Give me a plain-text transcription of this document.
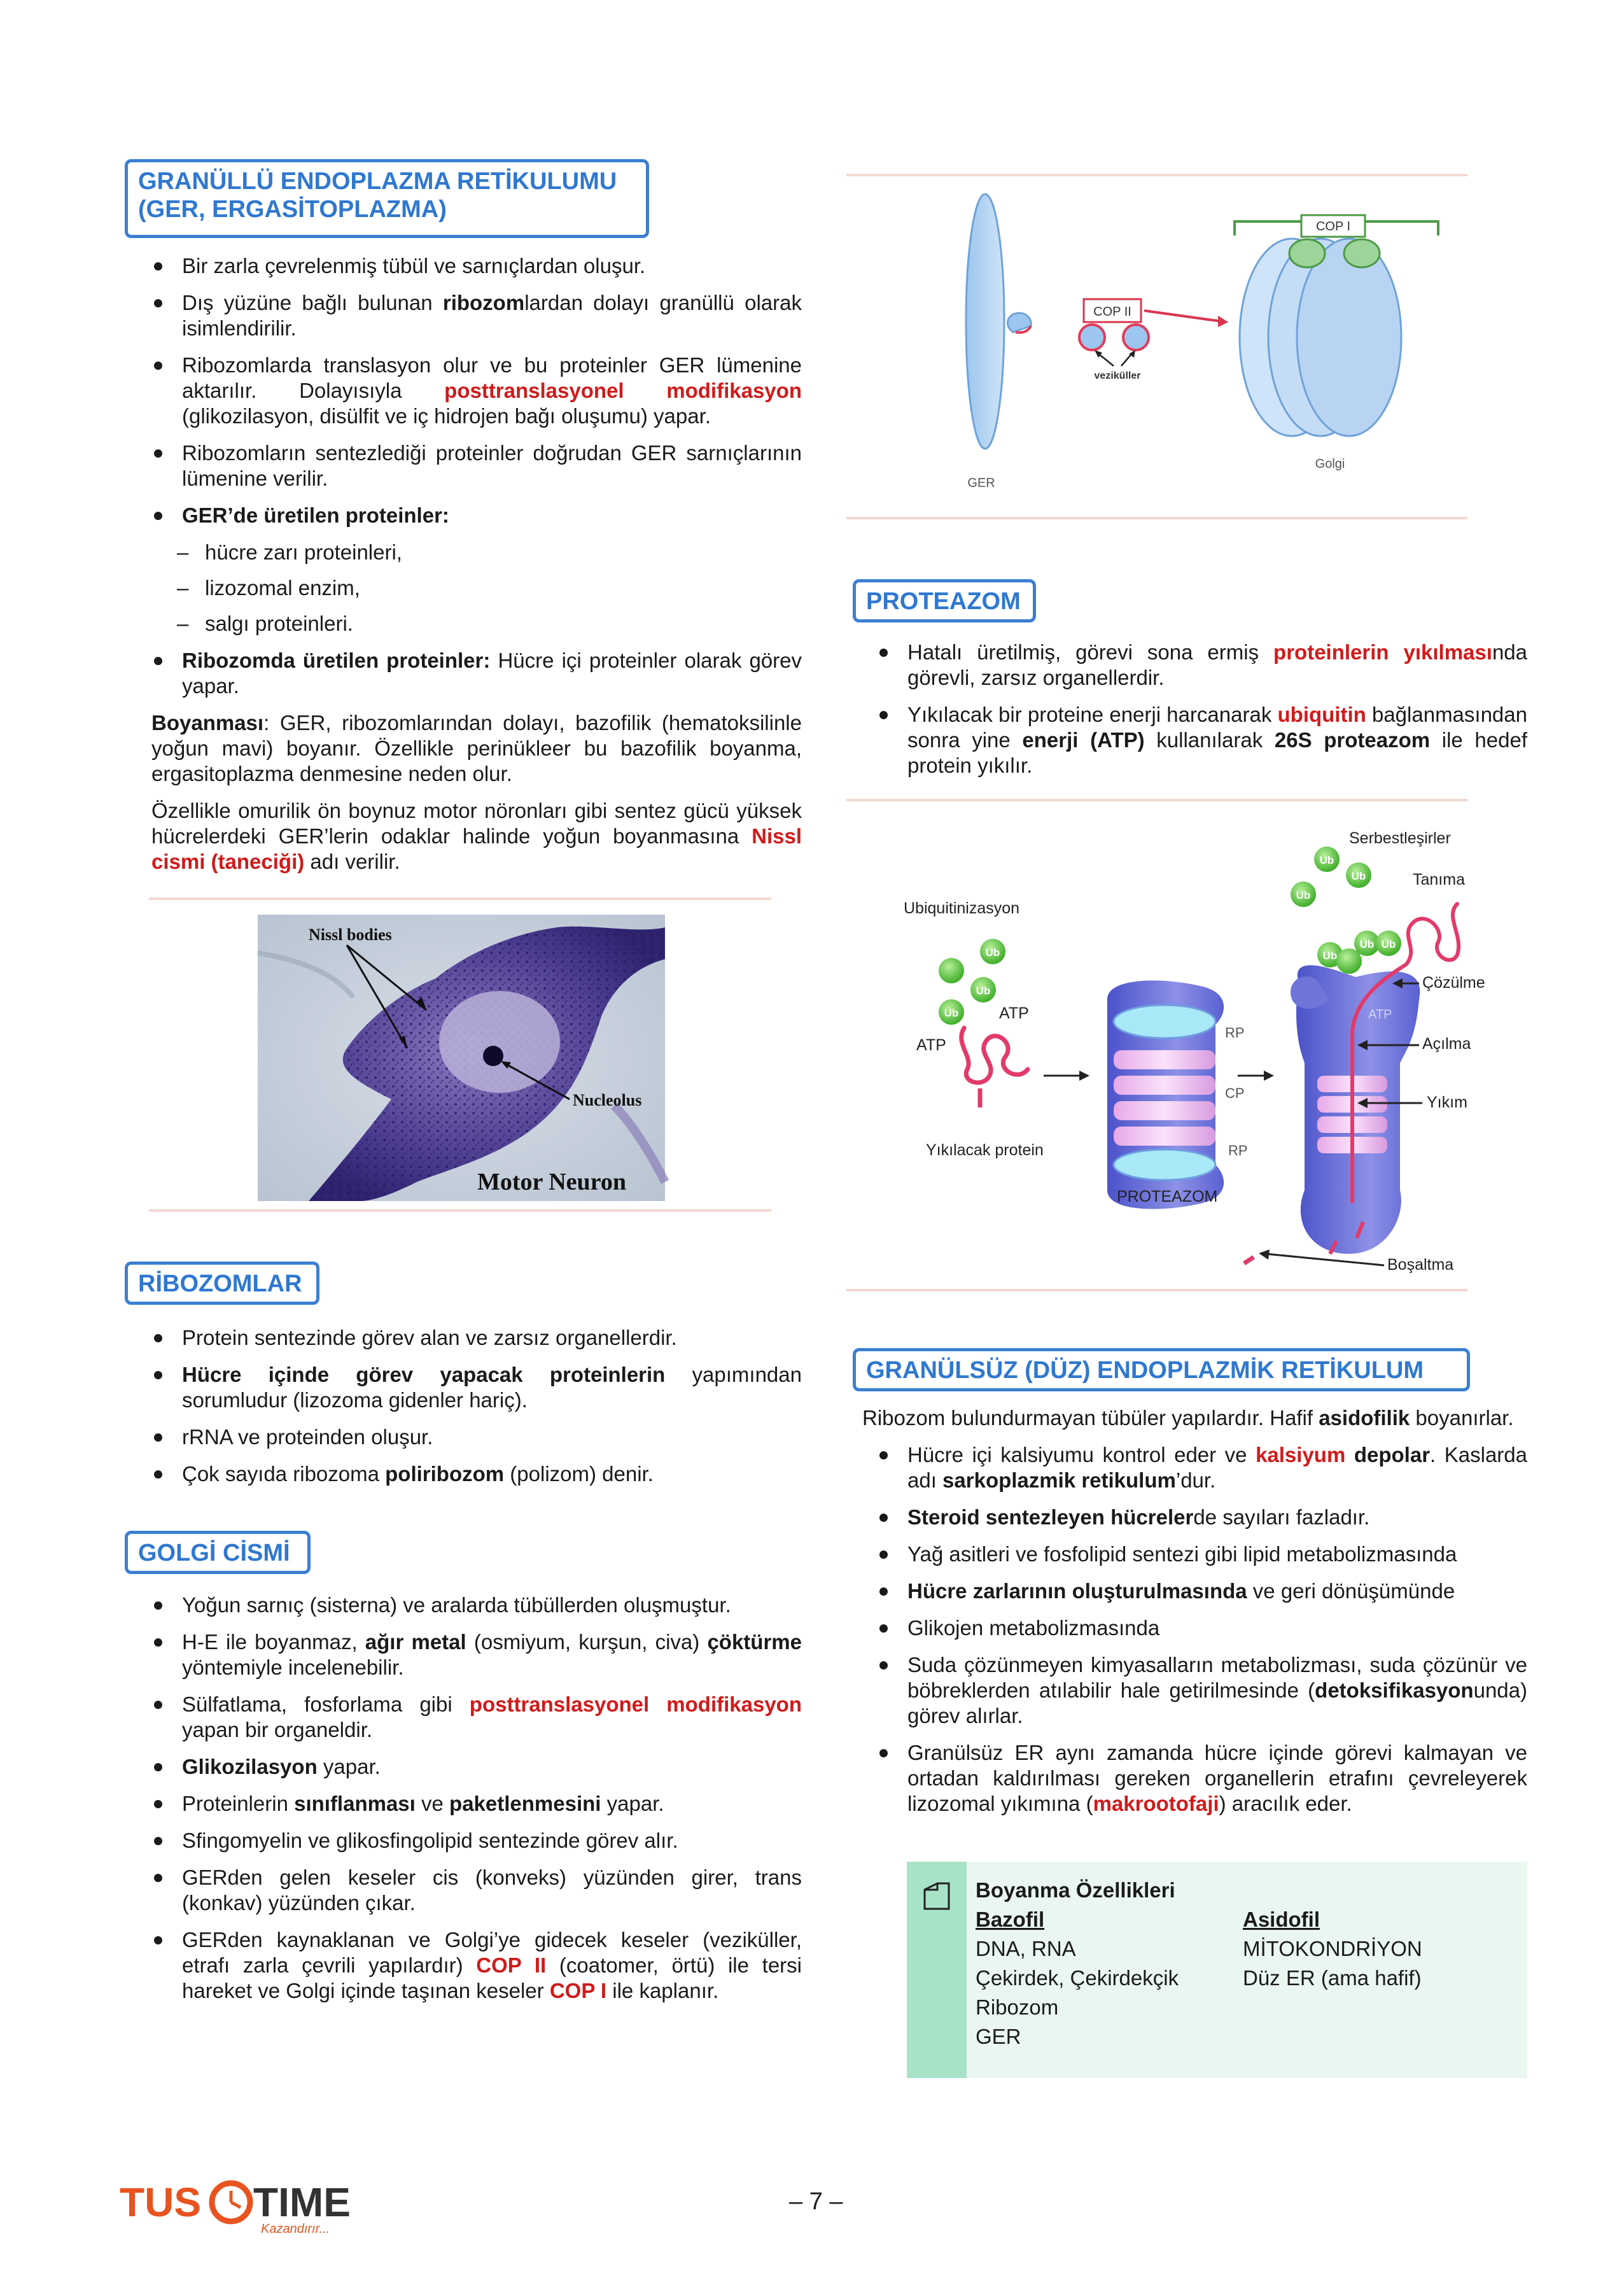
GRANÜLLÜ ENDOPLAZMA RETİKULUMU
(GER, ERGASİTOPLAZMA)
Bir zarla çevrelenmiş tübül ve sarnıçlardan oluşur.
Dış yüzüne bağlı bulunan ribozomlardan dolayı granüllü olarak isimlendirilir.
Ribozomlarda translasyon olur ve bu proteinler GER lümenine aktarılır. Dolayısıyla posttranslasyonel modifikasyon (glikozilasyon, disülfit ve iç hidrojen bağı oluşumu) yapar.
Ribozomların sentezlediği proteinler doğrudan GER sarnıçlarının lümenine verilir.
GER’de üretilen proteinler:
– hücre zarı proteinleri,
– lizozomal enzim,
– salgı proteinleri.
Ribozomda üretilen proteinler: Hücre içi proteinler olarak görev yapar.

Boyanması: GER, ribozomlarından dolayı, bazofilik (hematoksilinle yoğun mavi) boyanır. Özellikle perinükleer bu bazofilik boyanma, ergasitoplazma denmesine neden olur.

Özellikle omurilik ön boynuz motor nöronları gibi sentez gücü yüksek hücrelerdeki GER’lerin odaklar halinde yoğun boyanmasına Nissl cismi (taneciği) adı verilir.

Nissl bodies
Nucleolus
Motor Neuron
RİBOZOMLAR
Protein sentezinde görev alan ve zarsız organellerdir.
Hücre içinde görev yapacak proteinlerin yapımından sorumludur (lizozoma gidenler hariç).
rRNA ve proteinden oluşur.
Çok sayıda ribozoma poliribozom (polizom) denir.
GOLGİ CİSMİ
Yoğun sarnıç (sisterna) ve aralarda tübüllerden oluşmuştur.
H-E ile boyanmaz, ağır metal (osmiyum, kurşun, civa) çöktürme yöntemiyle incelenebilir.
Sülfatlama, fosforlama gibi posttranslasyonel modifikasyon yapan bir organeldir.
Glikozilasyon yapar.
Proteinlerin sınıflanması ve paketlenmesini yapar.
Sfingomyelin ve glikosfingolipid sentezinde görev alır.
GERden gelen keseler cis (konveks) yüzünden girer, trans (konkav) yüzünden çıkar.
GERden kaynaklanan ve Golgi’ye gidecek keseler (veziküller, etrafı zarla çevrili yapılardır) COP II (coatomer, örtü) ile tersi hareket ve Golgi içinde taşınan keseler COP I ile kaplanır.
COP II
veziküller
COP I
GER
Golgi
PROTEAZOM
Hatalı üretilmiş, görevi sona ermiş proteinlerin yıkılmasında görevli, zarsız organellerdir.
Yıkılacak bir proteine enerji harcanarak ubiquitin bağlanmasından sonra yine enerji (ATP) kullanılarak 26S proteazom ile hedef protein yıkılır.
Ubiquitinizasyon
Ub
Ub
Ub	ATP
ATP
Yıkılacak protein
RP
CP
RP
PROTEAZOM
Serbestleşirler
Tanıma
Ub
Ub
Ub
Ub
Ub Ub
ATP
Çözülme
Açılma
Yıkım
Boşaltma
GRANÜLSÜZ (DÜZ) ENDOPLAZMİK RETİKULUM

Ribozom bulundurmayan tübüler yapılardır. Hafif asidofilik boyanırlar.

Hücre içi kalsiyumu kontrol eder ve kalsiyum depolar. Kaslarda adı sarkoplazmik retikulum’dur.
Steroid sentezleyen hücrelerde sayıları fazladır.
Yağ asitleri ve fosfolipid sentezi gibi lipid metabolizmasında
Hücre zarlarının oluşturulmasında ve geri dönüşümünde
Glikojen metabolizmasında
Suda çözünmeyen kimyasalların metabolizması, suda çözünür ve böbreklerden atılabilir hale getirilmesinde (detoksifikasyonunda) görev alırlar.
Granülsüz ER aynı zamanda hücre içinde görevi kalmayan ve ortadan kaldırılması gereken organellerin etrafını çevreleyerek lizozomal yıkımına (makrootofaji) aracılık eder.
Boyanma Özellikleri
Bazofil
DNA, RNA
Çekirdek, Çekirdekçik
Ribozom
GER
Asidofil
MİTOKONDRİYON
Düz ER (ama hafif)
TUS TIME
Kazandırır...
– 7 –
